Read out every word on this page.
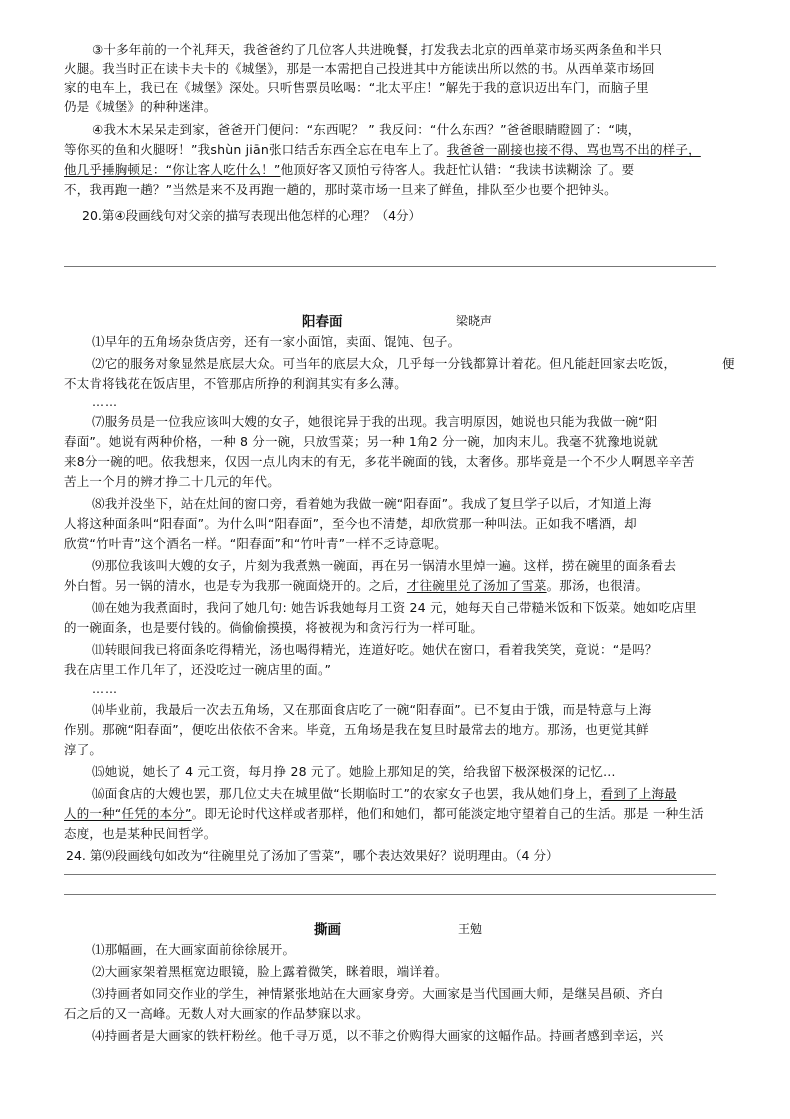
③十多年前的一个礼拜天，我爸爸约了几位客人共进晚餐，打发我去北京的西单菜市场买两条鱼和半只
火腿。我当时正在读卡夫卡的《城堡》，那是一本需把自己投进其中方能读出所以然的书。从西单菜市场回
家的电车上，我已在《城堡》深处。只听售票员吆喝：“北太平庄！”解先于我的意识迈出车门，而脑子里
仍是《城堡》的种种迷津。
④我木木呆呆走到家，爸爸开门便问：“东西呢？ ” 我反问：“什么东西？”爸爸眼睛瞪圆了：“咦，
等你买的鱼和火腿呀！”我shùn jiān张口结舌东西全忘在电车上了。我爸爸一副接也接不得、骂也骂不出的样子，
他几乎捶胸顿足：“你让客人吃什么！”他顶好客又顶怕亏待客人。我赶忙认错：“我读书读糊涂 了。要
不，我再跑一趟？”当然是来不及再跑一趟的，那时菜市场一旦来了鲜鱼，排队至少也要个把钟头。
20.第④段画线句对父亲的描写表现出他怎样的心理？（4分）
阳春面	梁晓声
⑴早年的五角场杂货店旁，还有一家小面馆，卖面、馄饨、包子。
⑵它的服务对象显然是底层大众。可当年的底层大众，几乎每一分钱都算计着花。但凡能赶回家去吃饭，	便
不太肯将钱花在饭店里，不管那店所挣的利润其实有多么薄。
……
⑺服务员是一位我应该叫大嫂的女子，她很诧异于我的出现。我言明原因，她说也只能为我做一碗“阳
春面”。她说有两种价格，一种 8 分一碗，只放雪菜；另一种 1角2 分一碗，加肉末儿。我毫不犹豫地说就
来8分一碗的吧。依我想来，仅因一点儿肉末的有无，多花半碗面的钱，太奢侈。那毕竟是一个不少人啊恩辛辛苦
苦上一个月的辨才挣二十几元的年代。
⑻我并没坐下，站在灶间的窗口旁，看着她为我做一碗“阳春面”。我成了复旦学子以后，才知道上海
人将这种面条叫“阳春面”。为什么叫“阳春面”，至今也不清楚，却欣赏那一种叫法。正如我不嗜酒，却
欣赏“竹叶青”这个酒名一样。“阳春面”和“竹叶青”一样不乏诗意呢。
⑼那位我该叫大嫂的女子，片刻为我煮熟一碗面，再在另一锅清水里焯一遍。这样，捞在碗里的面条看去
外白皙。另一锅的清水，也是专为我那一碗面烧开的。之后，才往碗里兑了汤加了雪菜。那汤，也很清。
⑽在她为我煮面时，我问了她几句: 她告诉我她每月工资 24 元，她每天自己带糙米饭和下饭菜。她如吃店里
的一碗面条，也是要付钱的。倘偷偷摸摸，将被视为和贪污行为一样可耻。
⑾转眼间我已将面条吃得精光，汤也喝得精光，连道好吃。她伏在窗口，看着我笑笑，竟说：“是吗？
我在店里工作几年了，还没吃过一碗店里的面。”
……
⒁毕业前，我最后一次去五角场，又在那面食店吃了一碗“阳春面”。已不复由于饿，而是特意与上海
作别。那碗“阳春面”，便吃出依依不舍来。毕竟，五角场是我在复旦时最常去的地方。那汤，也更觉其鲜
淳了。
⒂她说，她长了 4 元工资，每月挣 28 元了。她脸上那知足的笑，给我留下极深极深的记忆…
⒃面食店的大嫂也罢，那几位丈夫在城里做“长期临时工”的农家女子也罢，我从她们身上，看到了上海最
人的一种“任凭的本分”。即无论时代这样或者那样，他们和她们，都可能淡定地守望着自己的生活。那是 一种生活
态度，也是某种民间哲学。
24. 第⑼段画线句如改为“往碗里兑了汤加了雪菜”，哪个表达效果好？说明理由。（4 分）
撕画	王勉
⑴那幅画，在大画家面前徐徐展开。
⑵大画家架着黑框宽边眼镜，脸上露着微笑，眯着眼，端详着。
⑶持画者如同交作业的学生，神情紧张地站在大画家身旁。大画家是当代国画大师，是继吴昌硕、齐白
石之后的又一高峰。无数人对大画家的作品梦寐以求。
⑷持画者是大画家的铁杆粉丝。他千寻万觅，以不菲之价购得大画家的这幅作品。持画者感到幸运，兴
